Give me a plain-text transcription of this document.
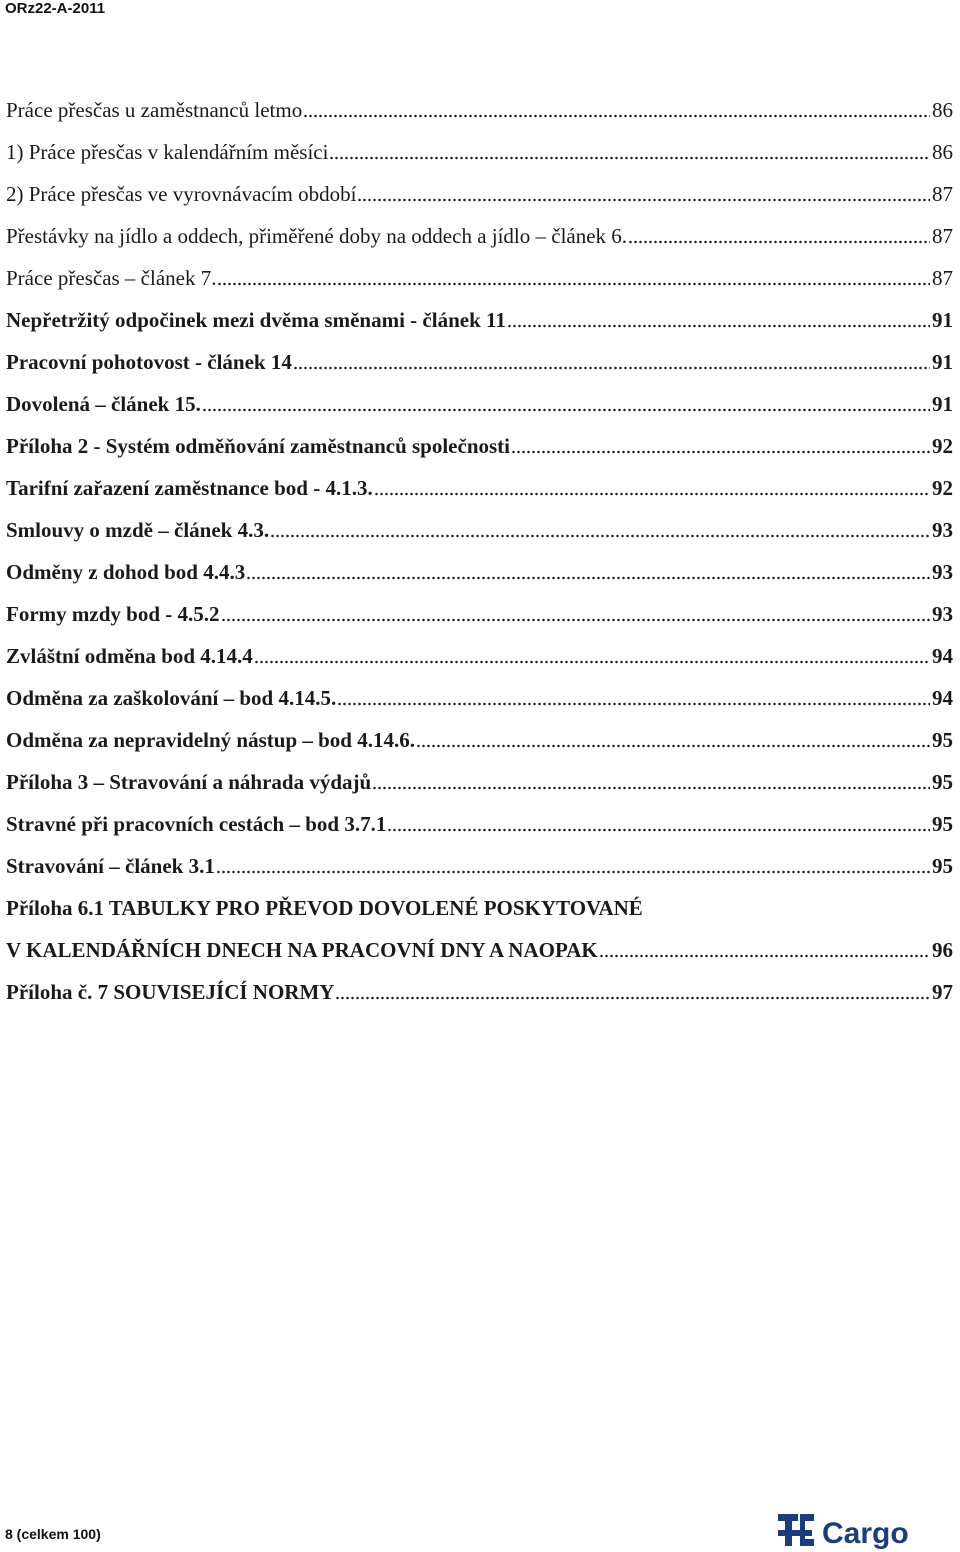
ORz22-A-2011
Práce přesčas u zaměstnanců letmo	86
1) Práce přesčas v kalendářním měsíci	86
2) Práce přesčas ve vyrovnávacím období	87
Přestávky na jídlo a oddech, přiměřené doby na oddech a jídlo – článek 6.	87
Práce přesčas – článek 7.	87
Nepřetržitý odpočinek mezi dvěma směnami - článek 11	91
Pracovní pohotovost - článek 14	91
Dovolená – článek 15.	91
Příloha 2 - Systém odměňování zaměstnanců společnosti	92
Tarifní zařazení zaměstnance bod - 4.1.3.	92
Smlouvy o mzdě – článek 4.3.	93
Odměny z dohod bod 4.4.3	93
Formy mzdy bod - 4.5.2	93
Zvláštní odměna bod 4.14.4	94
Odměna za zaškolování – bod 4.14.5.	94
Odměna za nepravidelný nástup – bod 4.14.6.	95
Příloha 3 – Stravování a náhrada výdajů	95
Stravné při pracovních cestách – bod 3.7.1	95
Stravování – článek 3.1	95
Příloha 6.1 TABULKY PRO PŘEVOD DOVOLENÉ POSKYTOVANÉ
V KALENDÁŘNÍCH DNECH NA PRACOVNÍ DNY A NAOPAK	96
Příloha č. 7 SOUVISEJÍCÍ NORMY	97
8 (celkem 100)	Cargo
